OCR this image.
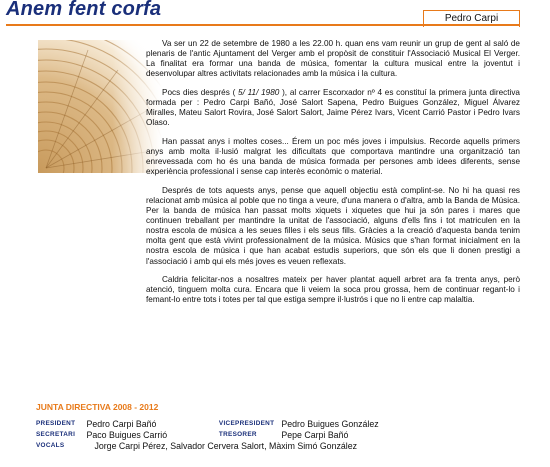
Anem fent corfa	Pedro Carpi

Va ser un 22 de setembre de 1980 a les 22.00 h. quan ens vam reunir un grup de gent al saló de plenaris de l'antic Ajuntament del Verger amb el propòsit de constituir l'Associació Musical El Verger. La finalitat era formar una banda de música, fomentar la cultura musical entre la joventut i desenvolupar altres activitats relacionades amb la música i la cultura.

Pocs dies després ( 5/ 11/ 1980 ), al carrer Escorxador nº 4 es constituí la primera junta directiva formada per : Pedro Carpi Bañó, José Salort Sapena, Pedro Buigues González, Miguel Álvarez Miralles, Mateu Salort Rovira, José Salort Salort, Jaime Pérez Ivars, Vicent Carrió Pastor i Pedro Ivars Olaso.

Han passat anys i moltes coses... Érem un poc més joves i impulsius. Recorde aquells primers anys amb molta il·lusió malgrat les dificultats que comportava mantindre una organització tan enrevessada com ho és una banda de música formada per persones amb idees diferents, sense experiència professional i sense cap interès econòmic o material.

Després de tots aquests anys, pense que aquell objectiu està complint-se. No hi ha quasi res relacionat amb música al poble que no tinga a veure, d'una manera o d'altra, amb la Banda de Música. Per la banda de música han passat molts xiquets i xiquetes que hui ja són pares i mares que continuen treballant per mantindre la unitat de l'associació, alguns d'ells fins i tot matriculen en la nostra escola de música a les seues filles i els seus fills. Gràcies a la creació d'aquesta banda tenim molta gent que està vivint professionalment de la música. Músics que s'han format inicialment en la nostra escola de música i que han acabat estudis superiors, que són els que li donen prestigi a l'associació i amb qui els més joves es veuen reflexats.

Caldria felicitar-nos a nosaltres mateix per haver plantat aquell arbret ara fa trenta anys, però atenció, tinguem molta cura. Encara que li veiem la soca prou grossa, hem de continuar regant-lo i femant-lo entre tots i totes per tal que estiga sempre il·lustrós i que no li entre cap malaltia.

JUNTA DIRECTIVA 2008 - 2012
PRESIDENT Pedro Carpi Bañó	VICEPRESIDENT Pedro Buigues González
SECRETARI Paco Buigues Carrió	TRESORER	Pepe Carpi Bañó
VOCALS	Jorge Carpi Pérez, Salvador Cervera Salort, Màxim Simó González
